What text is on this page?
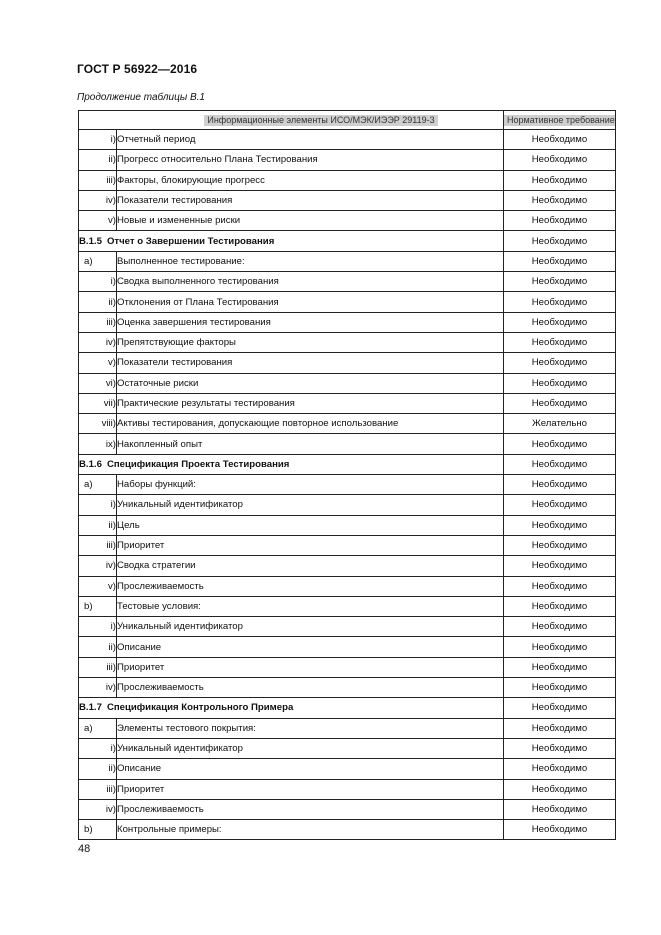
ГОСТ Р 56922—2016
Продолжение таблицы В.1
Информационные элементы ИСО/МЭК/ИЭЭР 29119-3		Нормативное требование
i)	Отчетный период	Необходимо
ii)	Прогресс относительно Плана Тестирования	Необходимо
iii)	Факторы, блокирующие прогресс	Необходимо
iv)	Показатели тестирования	Необходимо
v)	Новые и измененные риски	Необходимо
В.1.5 Отчет о Завершении Тестирования		Необходимо
a)	Выполненное тестирование:	Необходимо
i)	Сводка выполненного тестирования	Необходимо
ii)	Отклонения от Плана Тестирования	Необходимо
iii)	Оценка завершения тестирования	Необходимо
iv)	Препятствующие факторы	Необходимо
v)	Показатели тестирования	Необходимо
vi)	Остаточные риски	Необходимо
vii)	Практические результаты тестирования	Необходимо
viii)	Активы тестирования, допускающие повторное использование	Желательно
ix)	Накопленный опыт	Необходимо
В.1.6 Спецификация Проекта Тестирования		Необходимо
a)	Наборы функций:	Необходимо
i)	Уникальный идентификатор	Необходимо
ii)	Цель	Необходимо
iii)	Приоритет	Необходимо
iv)	Сводка стратегии	Необходимо
v)	Прослеживаемость	Необходимо
b)	Тестовые условия:	Необходимо
i)	Уникальный идентификатор	Необходимо
ii)	Описание	Необходимо
iii)	Приоритет	Необходимо
iv)	Прослеживаемость	Необходимо
В.1.7 Спецификация Контрольного Примера		Необходимо
a)	Элементы тестового покрытия:	Необходимо
i)	Уникальный идентификатор	Необходимо
ii)	Описание	Необходимо
iii)	Приоритет	Необходимо
iv)	Прослеживаемость	Необходимо
b)	Контрольные примеры:	Необходимо
48
